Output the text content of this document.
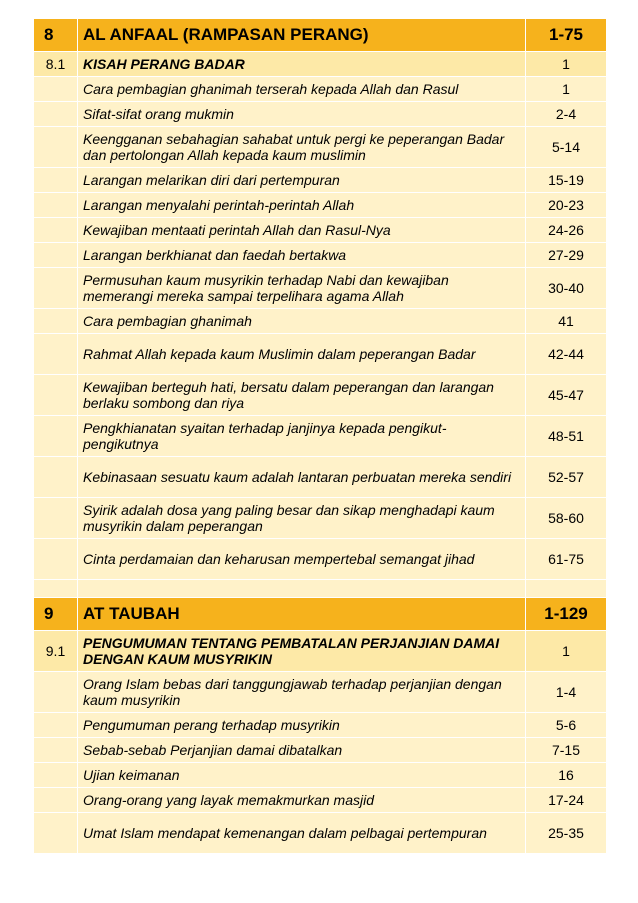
8	AL ANFAAL (RAMPASAN PERANG)	1-75
8.1	KISAH PERANG BADAR	1
	Cara pembagian ghanimah terserah kepada Allah dan Rasul	1
	Sifat-sifat orang mukmin	2-4
	Keengganan sebahagian sahabat untuk pergi ke peperangan Badar dan pertolongan Allah kepada kaum muslimin	5-14
	Larangan melarikan diri dari pertempuran	15-19
	Larangan menyalahi perintah-perintah Allah	20-23
	Kewajiban mentaati perintah Allah dan Rasul-Nya	24-26
	Larangan berkhianat dan faedah bertakwa	27-29
	Permusuhan kaum musyrikin terhadap Nabi dan kewajiban memerangi mereka sampai terpelihara agama Allah	30-40
	Cara pembagian ghanimah	41
	Rahmat Allah kepada kaum Muslimin dalam peperangan Badar	42-44
	Kewajiban berteguh hati, bersatu dalam peperangan dan larangan berlaku sombong dan riya	45-47
	Pengkhianatan syaitan terhadap janjinya kepada pengikut-pengikutnya	48-51
	Kebinasaan sesuatu kaum adalah lantaran perbuatan mereka sendiri	52-57
	Syirik adalah dosa yang paling besar dan sikap menghadapi kaum musyrikin dalam peperangan	58-60
	Cinta perdamaian dan keharusan mempertebal semangat jihad	61-75

9	AT TAUBAH	1-129
9.1	PENGUMUMAN TENTANG PEMBATALAN PERJANJIAN DAMAI DENGAN KAUM MUSYRIKIN	1
	Orang Islam bebas dari tanggungjawab terhadap perjanjian dengan kaum musyrikin	1-4
	Pengumuman perang terhadap musyrikin	5-6
	Sebab-sebab Perjanjian damai dibatalkan	7-15
	Ujian keimanan	16
	Orang-orang yang layak memakmurkan masjid	17-24
	Umat Islam mendapat kemenangan dalam pelbagai pertempuran	25-35
